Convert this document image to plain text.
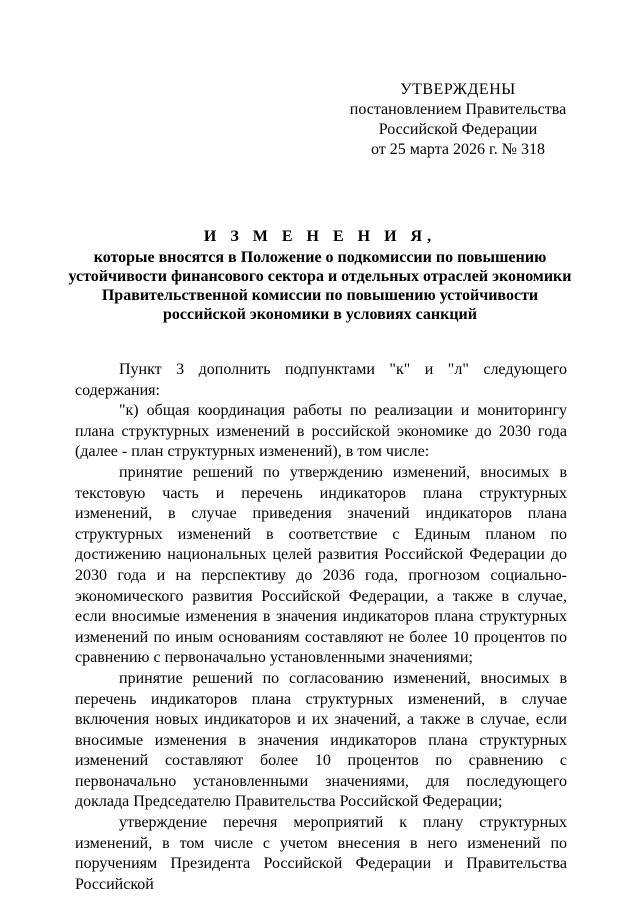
УТВЕРЖДЕНЫ
постановлением Правительства
Российской Федерации
от 25 марта 2026 г. № 318
И З М Е Н Е Н И Я,
которые вносятся в Положение о подкомиссии по повышению устойчивости финансового сектора и отдельных отраслей экономики Правительственной комиссии по повышению устойчивости российской экономики в условиях санкций

Пункт 3 дополнить подпунктами "к" и "л" следующего содержания:

"к) общая координация работы по реализации и мониторингу плана структурных изменений в российской экономике до 2030 года (далее - план структурных изменений), в том числе:

принятие решений по утверждению изменений, вносимых в текстовую часть и перечень индикаторов плана структурных изменений, в случае приведения значений индикаторов плана структурных изменений в соответствие с Единым планом по достижению национальных целей развития Российской Федерации до 2030 года и на перспективу до 2036 года, прогнозом социально-экономического развития Российской Федерации, а также в случае, если вносимые изменения в значения индикаторов плана структурных изменений по иным основаниям составляют не более 10 процентов по сравнению с первоначально установленными значениями;

принятие решений по согласованию изменений, вносимых в перечень индикаторов плана структурных изменений, в случае включения новых индикаторов и их значений, а также в случае, если вносимые изменения в значения индикаторов плана структурных изменений составляют более 10 процентов по сравнению с первоначально установленными значениями, для последующего доклада Председателю Правительства Российской Федерации;

утверждение перечня мероприятий к плану структурных изменений, в том числе с учетом внесения в него изменений по поручениям Президента Российской Федерации и Правительства Российской
